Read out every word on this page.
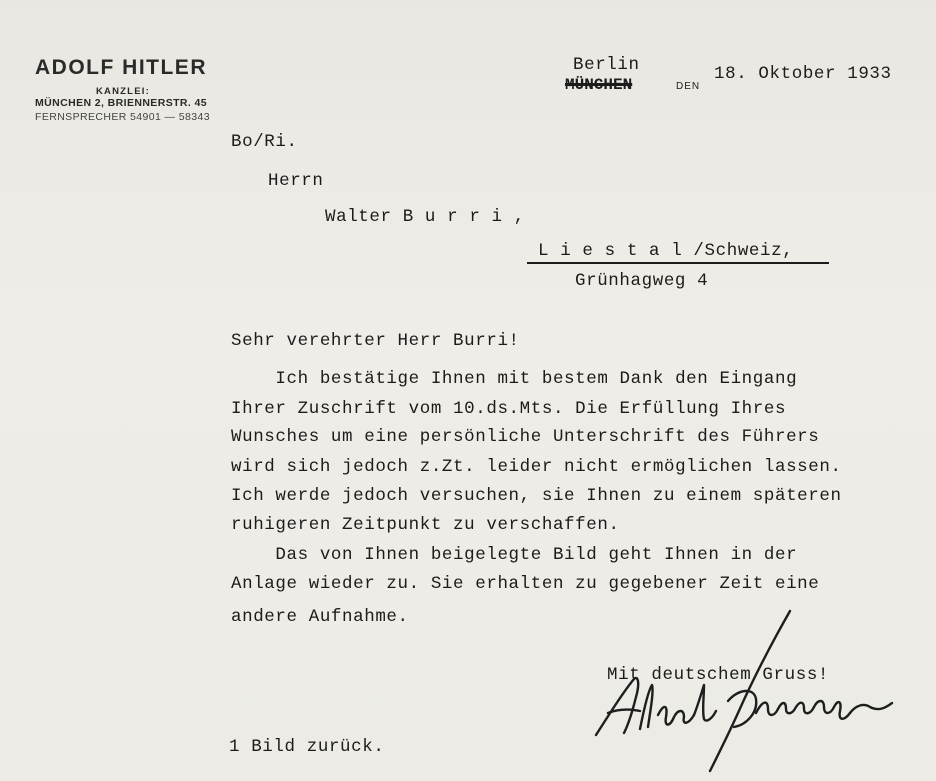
ADOLF HITLER
KANZLEI:
MÜNCHEN 2, BRIENNERSTR. 45
FERNSPRECHER 54901 — 58343
Berlin
MÜNCHEN	DEN
18. Oktober 1933
Bo/Ri.
Herrn
Walter B u r r i ,
L i e s t a l /Schweiz,
Grünhagweg 4
Sehr verehrter Herr Burri!
Ich bestätige Ihnen mit bestem Dank den Eingang
Ihrer Zuschrift vom 10.ds.Mts. Die Erfüllung Ihres
Wunsches um eine persönliche Unterschrift des Führers
wird sich jedoch z.Zt. leider nicht ermöglichen lassen.
Ich werde jedoch versuchen, sie Ihnen zu einem späteren
ruhigeren Zeitpunkt zu verschaffen.
Das von Ihnen beigelegte Bild geht Ihnen in der
Anlage wieder zu. Sie erhalten zu gegebener Zeit eine
andere Aufnahme.
Mit deutschem Gruss!
1 Bild zurück.
